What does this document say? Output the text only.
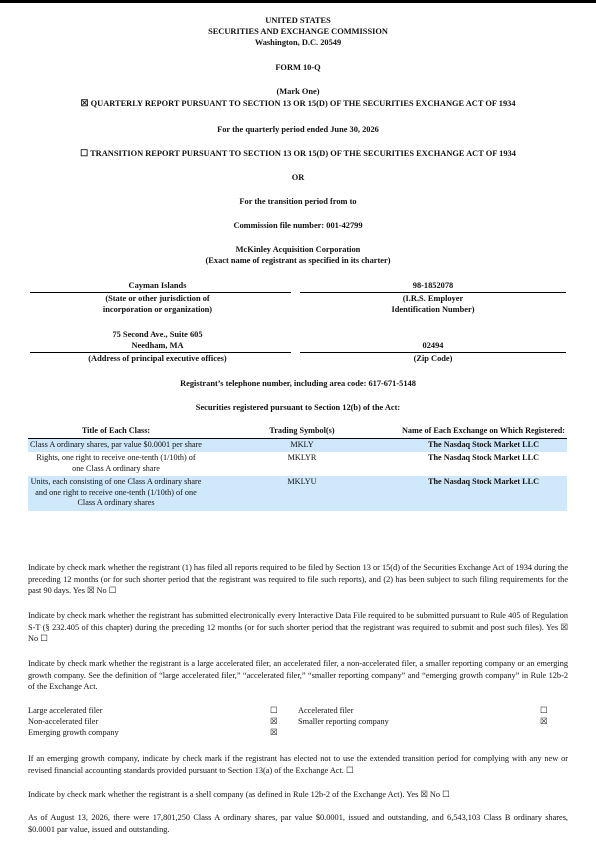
UNITED STATES
SECURITIES AND EXCHANGE COMMISSION
Washington, D.C. 20549
FORM 10-Q
(Mark One)
☒ QUARTERLY REPORT PURSUANT TO SECTION 13 OR 15(D) OF THE SECURITIES EXCHANGE ACT OF 1934
For the quarterly period ended June 30, 2026
☐ TRANSITION REPORT PURSUANT TO SECTION 13 OR 15(D) OF THE SECURITIES EXCHANGE ACT OF 1934
OR
For the transition period from to
Commission file number: 001-42799
McKinley Acquisition Corporation
(Exact name of registrant as specified in its charter)
Cayman Islands
(State or other jurisdiction of
incorporation or organization)
98-1852078
(I.R.S. Employer
Identification Number)
75 Second Ave., Suite 605
Needham, MA
(Address of principal executive offices)
02494
(Zip Code)
Registrant’s telephone number, including area code: 617-671-5148
Securities registered pursuant to Section 12(b) of the Act:
Title of Each Class:	Trading Symbol(s)	Name of Each Exchange on Which Registered:
Class A ordinary shares, par value $0.0001 per share	MKLY	The Nasdaq Stock Market LLC
Rights, one right to receive one-tenth (1/10th) of one Class A ordinary share	MKLYR	The Nasdaq Stock Market LLC
Units, each consisting of one Class A ordinary share and one right to receive one-tenth (1/10th) of one Class A ordinary shares	MKLYU	The Nasdaq Stock Market LLC
Indicate by check mark whether the registrant (1) has filed all reports required to be filed by Section 13 or 15(d) of the Securities Exchange Act of 1934 during the preceding 12 months (or for such shorter period that the registrant was required to file such reports), and (2) has been subject to such filing requirements for the past 90 days. Yes ☒ No ☐
Indicate by check mark whether the registrant has submitted electronically every Interactive Data File required to be submitted pursuant to Rule 405 of Regulation S-T (§ 232.405 of this chapter) during the preceding 12 months (or for such shorter period that the registrant was required to submit and post such files). Yes ☒ No ☐
Indicate by check mark whether the registrant is a large accelerated filer, an accelerated filer, a non-accelerated filer, a smaller reporting company or an emerging growth company. See the definition of “large accelerated filer,” “accelerated filer,” “smaller reporting company” and “emerging growth company” in Rule 12b-2 of the Exchange Act.
Large accelerated filer	☐ Accelerated filer	☐
Non-accelerated filer	☒ Smaller reporting company	☒
Emerging growth company	☒
If an emerging growth company, indicate by check mark if the registrant has elected not to use the extended transition period for complying with any new or revised financial accounting standards provided pursuant to Section 13(a) of the Exchange Act. ☐
Indicate by check mark whether the registrant is a shell company (as defined in Rule 12b-2 of the Exchange Act). Yes ☒ No ☐
As of August 13, 2026, there were 17,801,250 Class A ordinary shares, par value $0.0001, issued and outstanding, and 6,543,103 Class B ordinary shares, $0.0001 par value, issued and outstanding.
